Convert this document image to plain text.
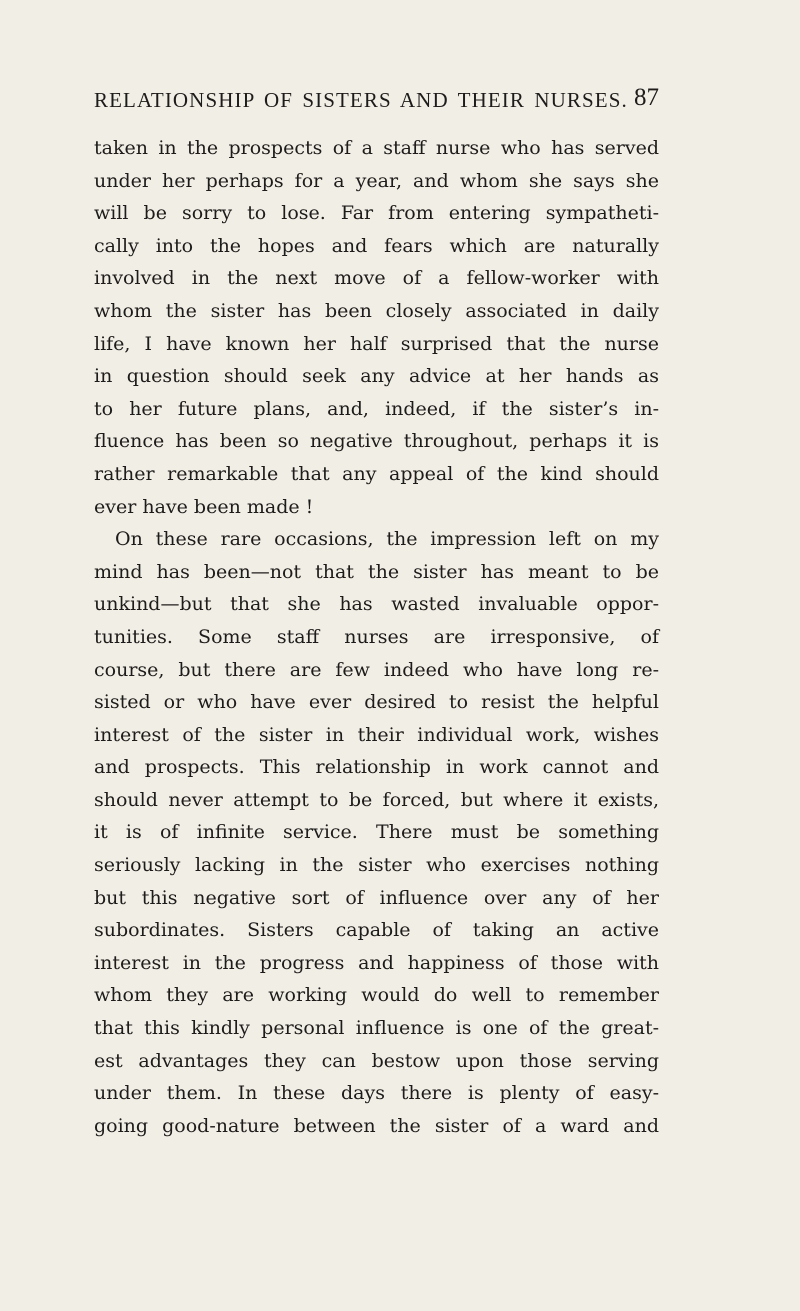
RELATIONSHIP OF SISTERS AND THEIR NURSES. 87
taken in the prospects of a staff nurse who has served
under her perhaps for a year, and whom she says she
will be sorry to lose. Far from entering sympatheti-
cally into the hopes and fears which are naturally
involved in the next move of a fellow-worker with
whom the sister has been closely associated in daily
life, I have known her half surprised that the nurse
in question should seek any advice at her hands as
to her future plans, and, indeed, if the sister’s in-
fluence has been so negative throughout, perhaps it is
rather remarkable that any appeal of the kind should
ever have been made !
On these rare occasions, the impression left on my
mind has been—not that the sister has meant to be
unkind—but that she has wasted invaluable oppor-
tunities. Some staff nurses are irresponsive, of
course, but there are few indeed who have long re-
sisted or who have ever desired to resist the helpful
interest of the sister in their individual work, wishes
and prospects. This relationship in work cannot and
should never attempt to be forced, but where it exists,
it is of infinite service. There must be something
seriously lacking in the sister who exercises nothing
but this negative sort of influence over any of her
subordinates. Sisters capable of taking an active
interest in the progress and happiness of those with
whom they are working would do well to remember
that this kindly personal influence is one of the great-
est advantages they can bestow upon those serving
under them. In these days there is plenty of easy-
going good-nature between the sister of a ward and
